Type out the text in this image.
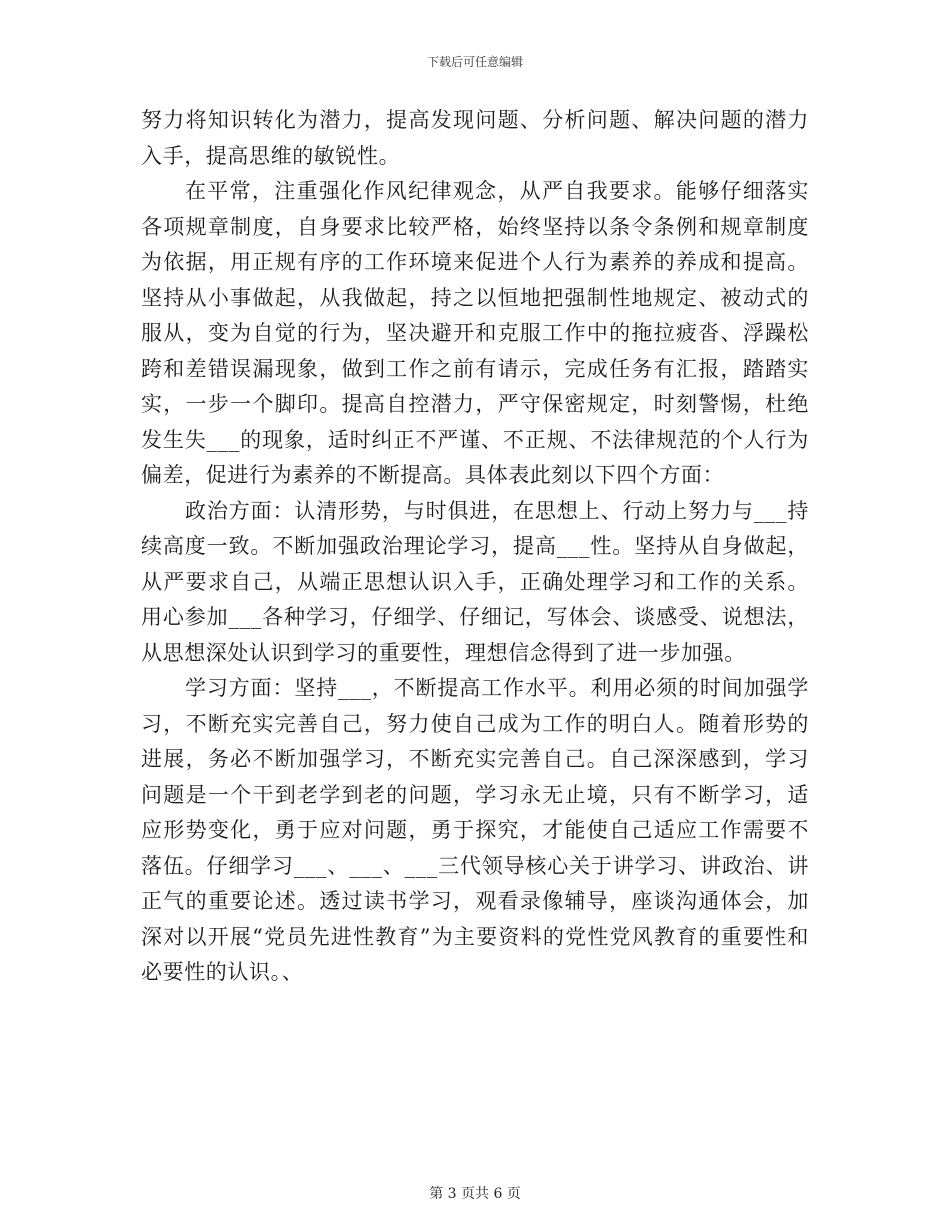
下载后可任意编辑

努力将知识转化为潜力，提高发现问题、分析问题、解决问题的潜力入手，提高思维的敏锐性。

在平常，注重强化作风纪律观念，从严自我要求。能够仔细落实各项规章制度，自身要求比较严格，始终坚持以条令条例和规章制度为依据，用正规有序的工作环境来促进个人行为素养的养成和提高。坚持从小事做起，从我做起，持之以恒地把强制性地规定、被动式的服从，变为自觉的行为，坚决避开和克服工作中的拖拉疲沓、浮躁松跨和差错误漏现象，做到工作之前有请示，完成任务有汇报，踏踏实实，一步一个脚印。提高自控潜力，严守保密规定，时刻警惕，杜绝发生失___的现象，适时纠正不严谨、不正规、不法律规范的个人行为偏差，促进行为素养的不断提高。具体表此刻以下四个方面：

政治方面：认清形势，与时俱进，在思想上、行动上努力与___持续高度一致。不断加强政治理论学习，提高___性。坚持从自身做起，从严要求自己，从端正思想认识入手，正确处理学习和工作的关系。用心参加___各种学习，仔细学、仔细记，写体会、谈感受、说想法，从思想深处认识到学习的重要性，理想信念得到了进一步加强。

学习方面：坚持___，不断提高工作水平。利用必须的时间加强学习，不断充实完善自己，努力使自己成为工作的明白人。随着形势的进展，务必不断加强学习，不断充实完善自己。自己深深感到，学习问题是一个干到老学到老的问题，学习永无止境，只有不断学习，适应形势变化，勇于应对问题，勇于探究，才能使自己适应工作需要不落伍。仔细学习___、___、___三代领导核心关于讲学习、讲政治、讲正气的重要论述。透过读书学习，观看录像辅导，座谈沟通体会，加深对以开展“党员先进性教育”为主要资料的党性党风教育的重要性和必要性的认识。、

第 3 页共 6 页
